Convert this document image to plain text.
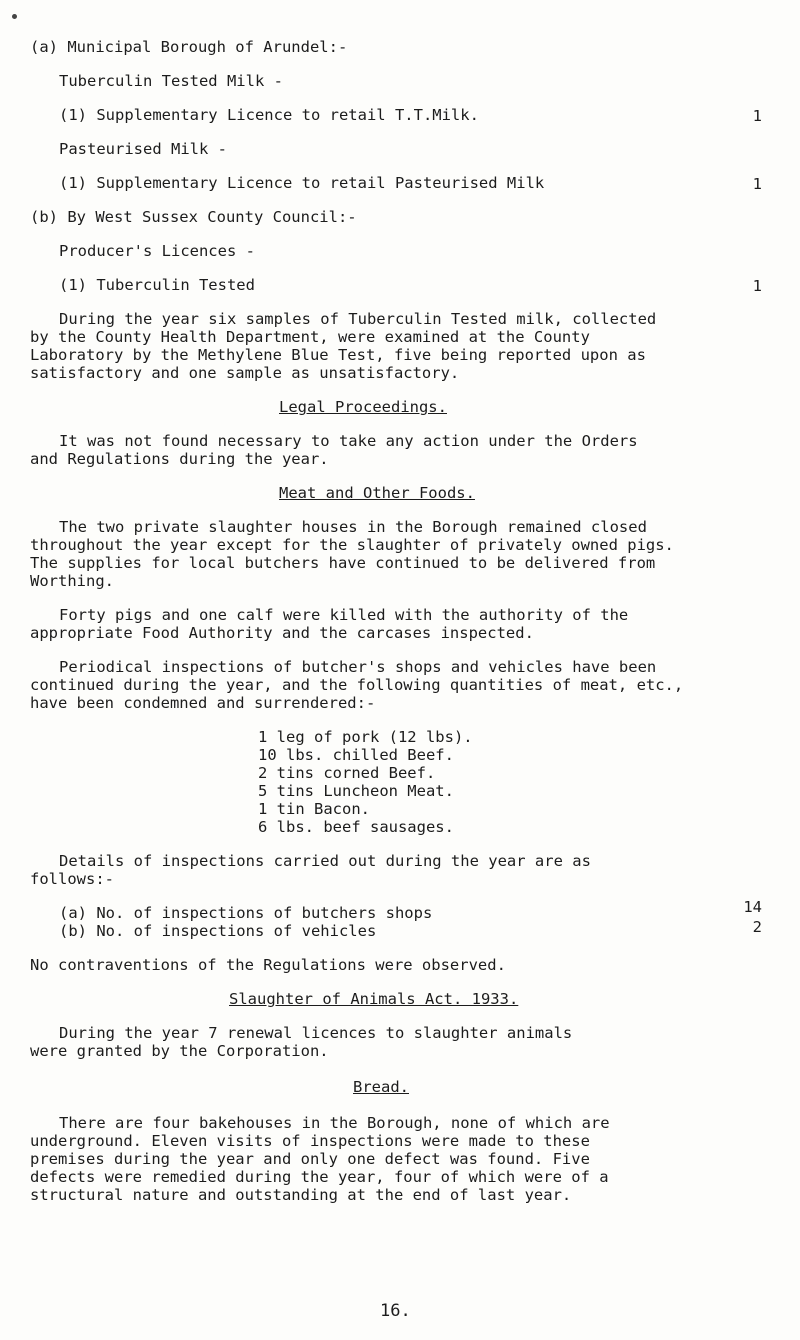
(a) Municipal Borough of Arundel:-
Tuberculin Tested Milk -
(1) Supplementary Licence to retail T.T.Milk.	1
Pasteurised Milk -
(1) Supplementary Licence to retail Pasteurised Milk	1
(b) By West Sussex County Council:-
Producer's Licences -
(1) Tuberculin Tested	1
During the year six samples of Tuberculin Tested milk, collected
by the County Health Department, were examined at the County
Laboratory by the Methylene Blue Test, five being reported upon as
satisfactory and one sample as unsatisfactory.
Legal Proceedings.
It was not found necessary to take any action under the Orders
and Regulations during the year.
Meat and Other Foods.
The two private slaughter houses in the Borough remained closed
throughout the year except for the slaughter of privately owned pigs.
The supplies for local butchers have continued to be delivered from
Worthing.
Forty pigs and one calf were killed with the authority of the
appropriate Food Authority and the carcases inspected.
Periodical inspections of butcher's shops and vehicles have been
continued during the year, and the following quantities of meat, etc.,
have been condemned and surrendered:-
1 leg of pork (12 lbs).
10 lbs. chilled Beef.
2 tins corned Beef.
5 tins Luncheon Meat.
1 tin Bacon.
6 lbs. beef sausages.
Details of inspections carried out during the year are as
follows:-
(a) No. of inspections of butchers shops	14
(b) No. of inspections of vehicles	2
No contraventions of the Regulations were observed.
Slaughter of Animals Act. 1933.
During the year 7 renewal licences to slaughter animals
were granted by the Corporation.
Bread.
There are four bakehouses in the Borough, none of which are
underground. Eleven visits of inspections were made to these
premises during the year and only one defect was found. Five
defects were remedied during the year, four of which were of a
structural nature and outstanding at the end of last year.
16.
